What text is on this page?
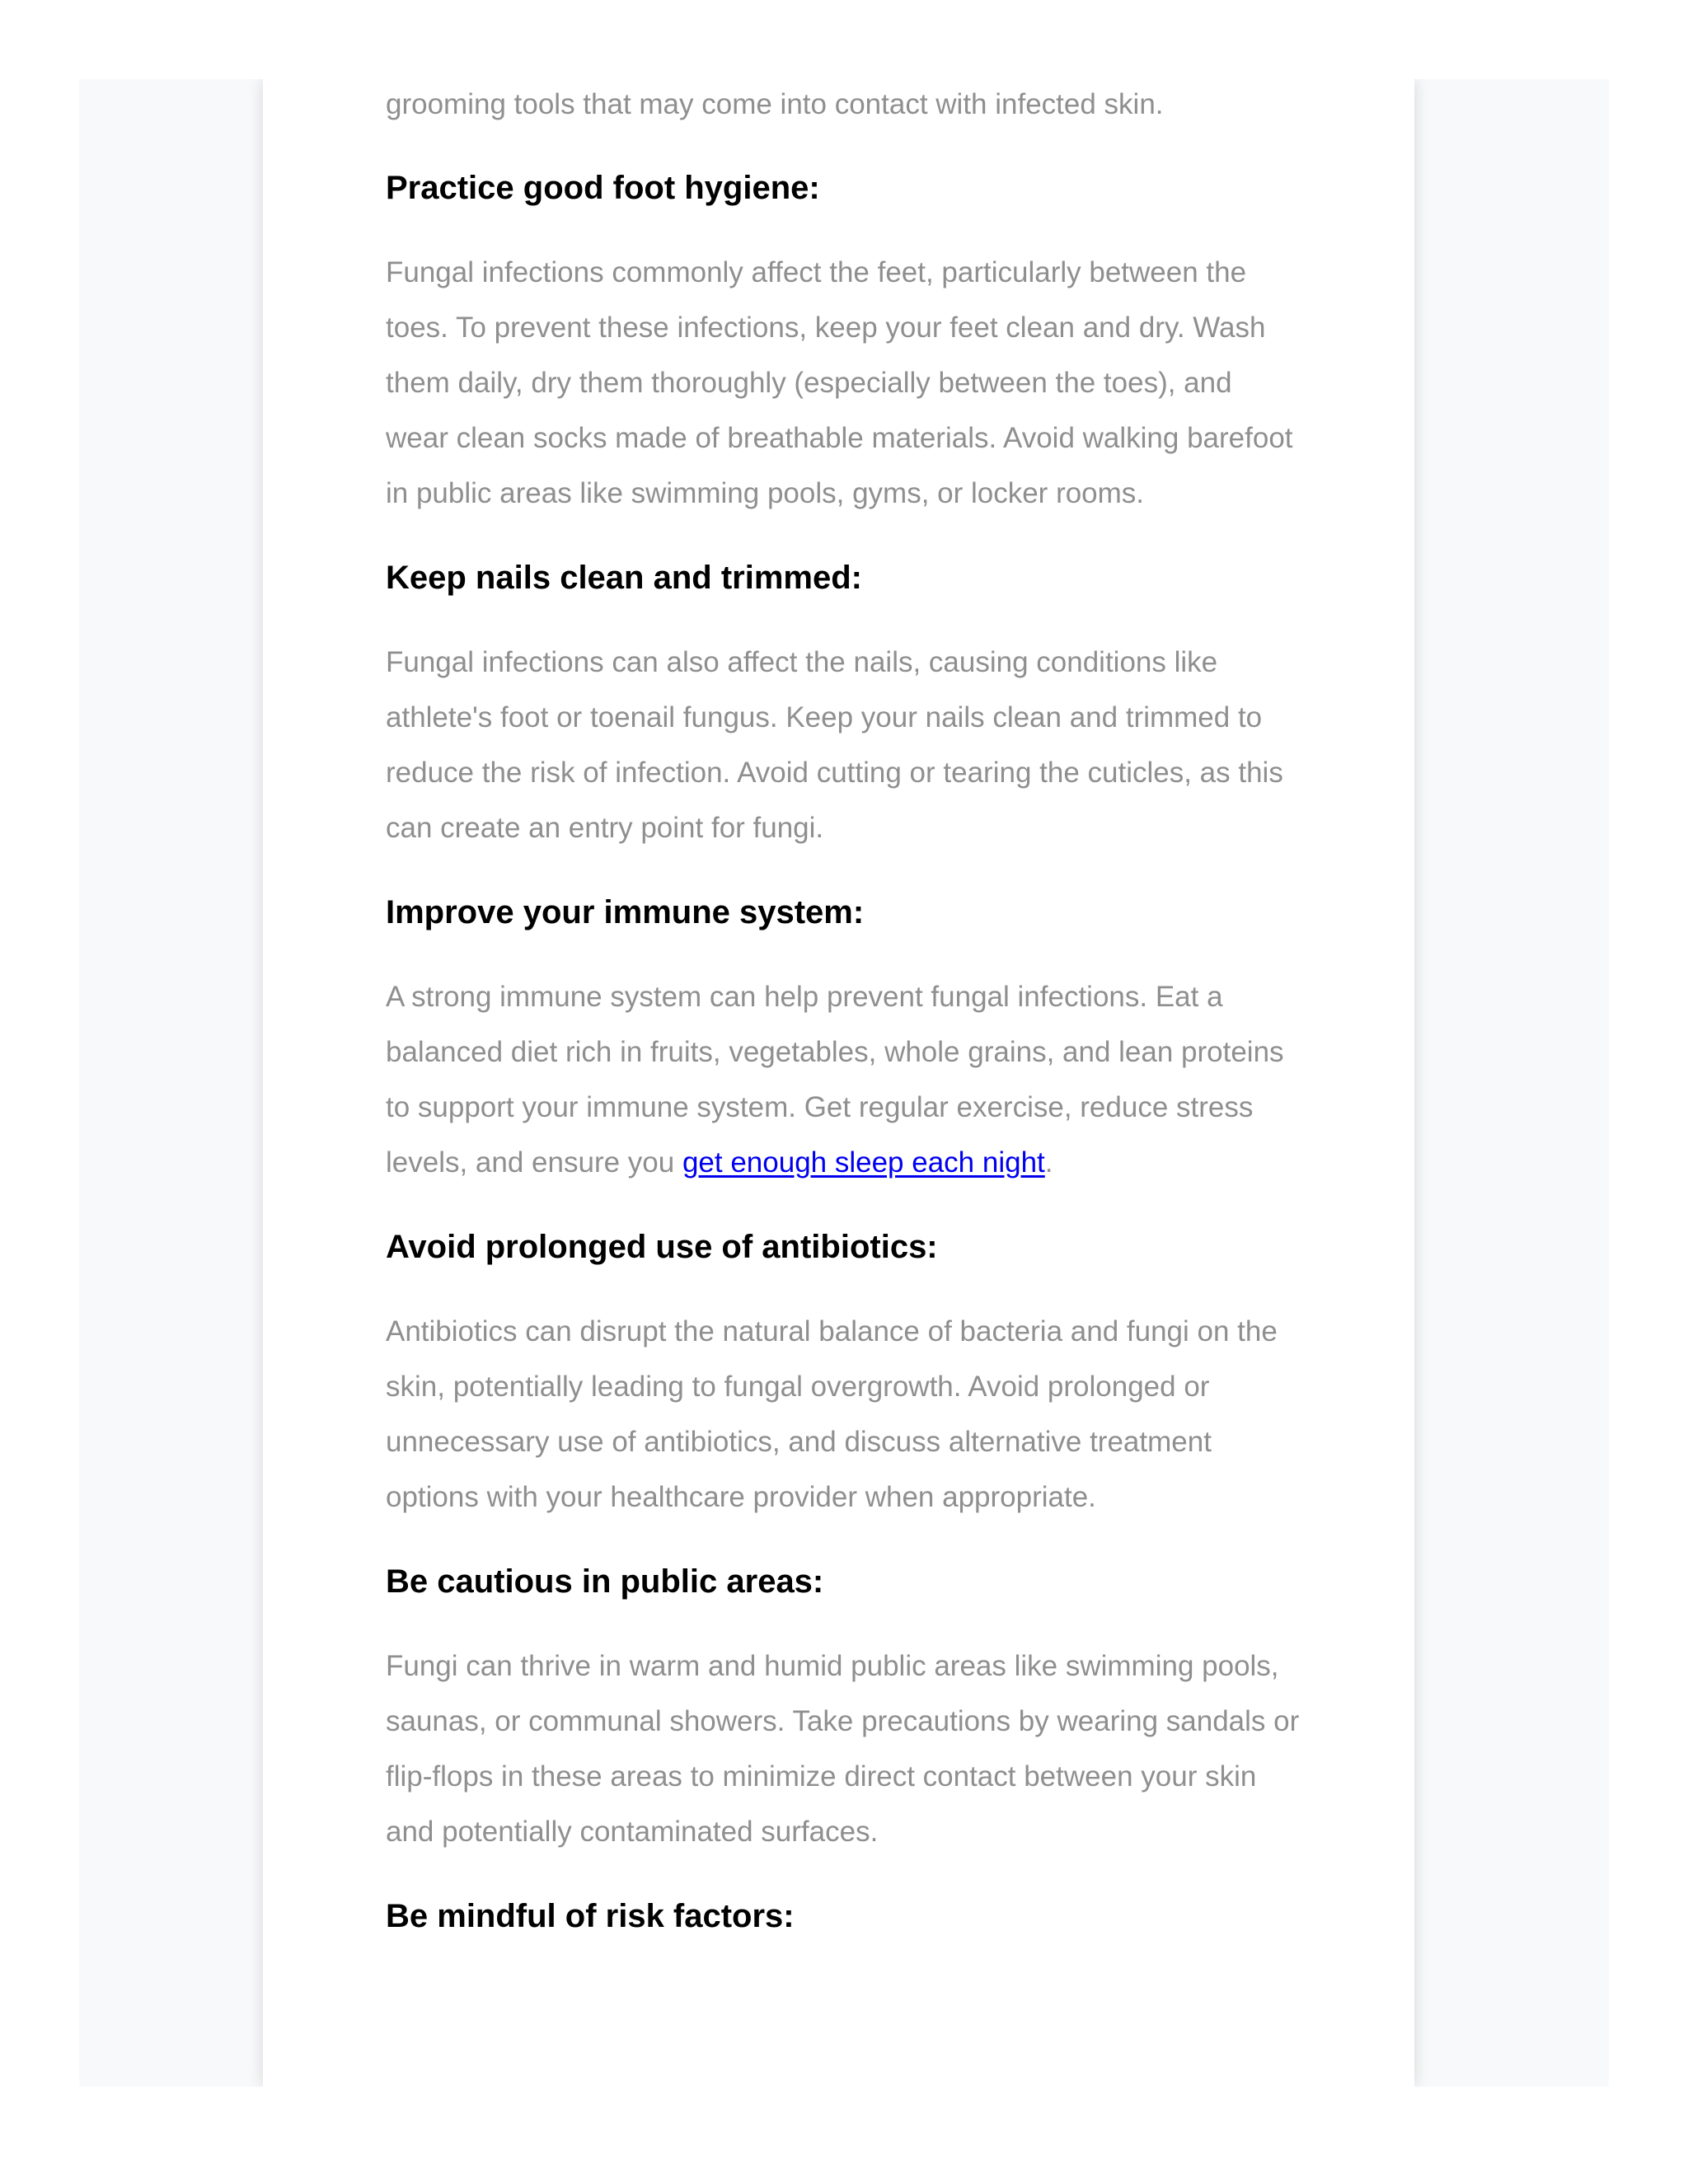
grooming tools that may come into contact with infected skin.

Practice good foot hygiene:

Fungal infections commonly affect the feet, particularly between the toes. To prevent these infections, keep your feet clean and dry. Wash them daily, dry them thoroughly (especially between the toes), and wear clean socks made of breathable materials. Avoid walking barefoot in public areas like swimming pools, gyms, or locker rooms.

Keep nails clean and trimmed:

Fungal infections can also affect the nails, causing conditions like athlete's foot or toenail fungus. Keep your nails clean and trimmed to reduce the risk of infection. Avoid cutting or tearing the cuticles, as this can create an entry point for fungi.

Improve your immune system:

A strong immune system can help prevent fungal infections. Eat a balanced diet rich in fruits, vegetables, whole grains, and lean proteins to support your immune system. Get regular exercise, reduce stress levels, and ensure you get enough sleep each night.

Avoid prolonged use of antibiotics:

Antibiotics can disrupt the natural balance of bacteria and fungi on the skin, potentially leading to fungal overgrowth. Avoid prolonged or unnecessary use of antibiotics, and discuss alternative treatment options with your healthcare provider when appropriate.

Be cautious in public areas:

Fungi can thrive in warm and humid public areas like swimming pools, saunas, or communal showers. Take precautions by wearing sandals or flip-flops in these areas to minimize direct contact between your skin and potentially contaminated surfaces.

Be mindful of risk factors:
